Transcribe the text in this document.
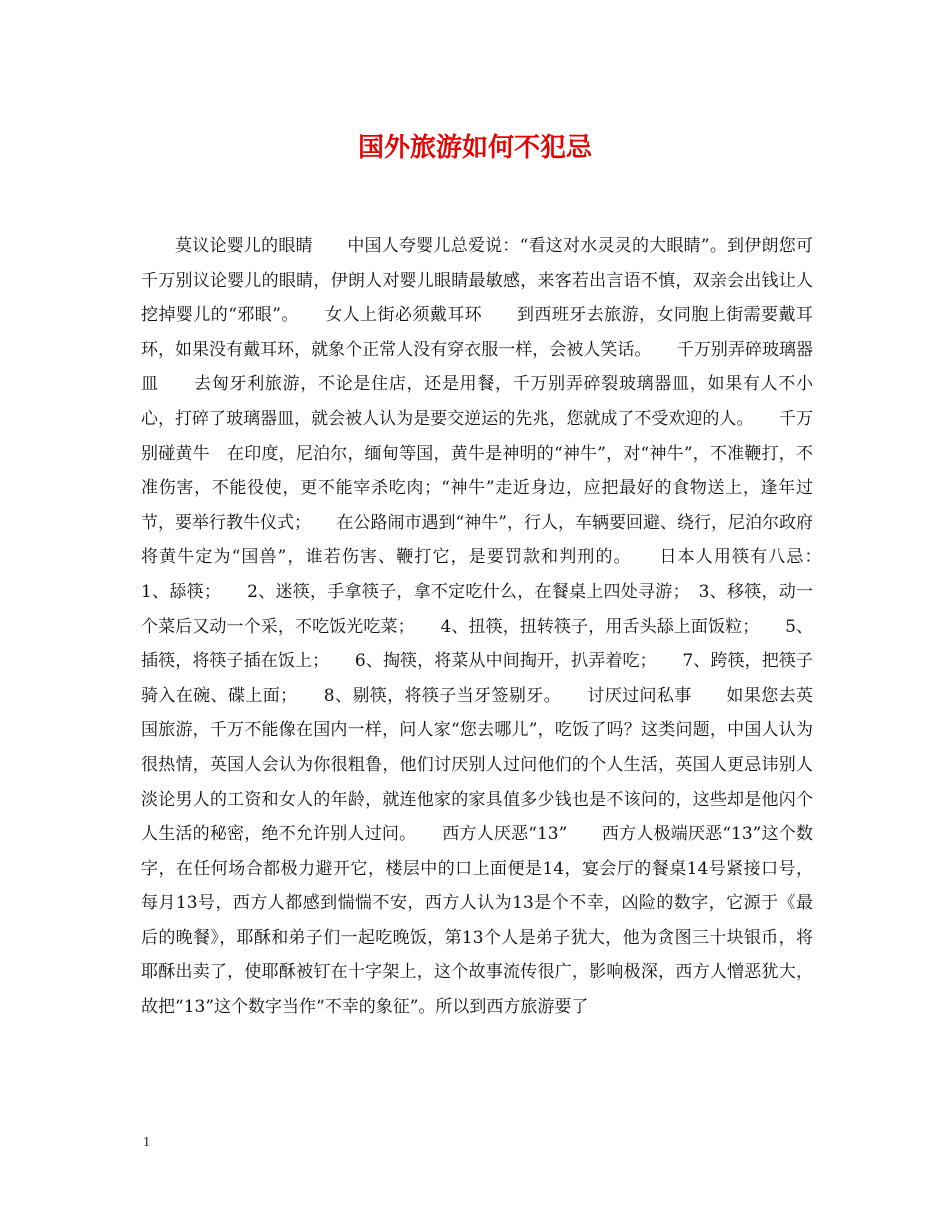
国外旅游如何不犯忌

莫议论婴儿的眼睛　　中国人夸婴儿总爱说：“看这对水灵灵的大眼睛”。到伊朗您可千万别议论婴儿的眼睛，伊朗人对婴儿眼睛最敏感，来客若出言语不慎，双亲会出钱让人挖掉婴儿的“邪眼”。　　女人上街必须戴耳环　　到西班牙去旅游，女同胞上街需要戴耳环，如果没有戴耳环，就象个正常人没有穿衣服一样，会被人笑话。　　千万别弄碎玻璃器皿　　去匈牙利旅游，不论是住店，还是用餐，千万别弄碎裂玻璃器皿，如果有人不小心，打碎了玻璃器皿，就会被人认为是要交逆运的先兆，您就成了不受欢迎的人。　　千万别碰黄牛　在印度，尼泊尔，缅甸等国，黄牛是神明的“神牛”，对“神牛”，不准鞭打，不准伤害，不能役使，更不能宰杀吃肉；“神牛”走近身边，应把最好的食物送上，逢年过节，要举行教牛仪式；　　在公路闹市遇到“神牛”，行人，车辆要回避、绕行，尼泊尔政府将黄牛定为“国兽”，谁若伤害、鞭打它，是要罚款和判刑的。　　日本人用筷有八忌：　　1、舔筷；　　2、迷筷，手拿筷子，拿不定吃什么，在餐桌上四处寻游；　3、移筷，动一个菜后又动一个采，不吃饭光吃菜；　　4、扭筷，扭转筷子，用舌头舔上面饭粒；　　5、插筷，将筷子插在饭上；　　6、掏筷，将菜从中间掏开，扒弄着吃；　　7、跨筷，把筷子骑入在碗、碟上面；　　8、剔筷，将筷子当牙签剔牙。　　讨厌过问私事　　如果您去英国旅游，千万不能像在国内一样，问人家“您去哪儿”，吃饭了吗？这类问题，中国人认为很热情，英国人会认为你很粗鲁，他们讨厌别人过问他们的个人生活，英国人更忌讳别人淡论男人的工资和女人的年龄，就连他家的家具值多少钱也是不该问的，这些却是他闪个人生活的秘密，绝不允许别人过问。　　西方人厌恶“13”　　西方人极端厌恶“13”这个数字，在任何场合都极力避开它，楼层中的口上面便是14，宴会厅的餐桌14号紧接口号，每月13号，西方人都感到惴惴不安，西方人认为13是个不幸，凶险的数字，它源于《最后的晚餐》，耶酥和弟子们一起吃晚饭，第13个人是弟子犹大，他为贪图三十块银币，将耶酥出卖了，使耶酥被钉在十字架上，这个故事流传很广，影响极深，西方人憎恶犹大，故把“13”这个数字当作“不幸的象征”。所以到西方旅游要了

1
